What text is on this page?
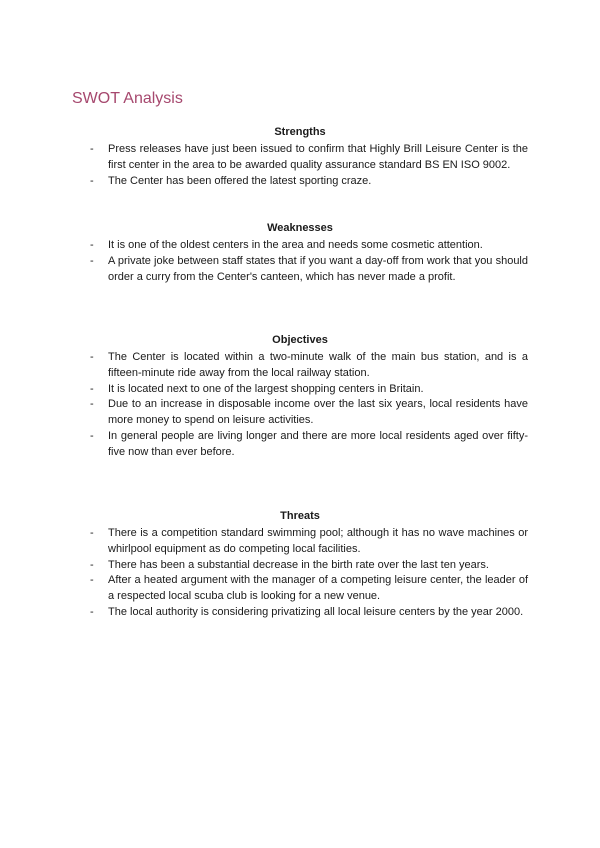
SWOT Analysis
Strengths
- Press releases have just been issued to confirm that Highly Brill Leisure Center is the first center in the area to be awarded quality assurance standard BS EN ISO 9002.
- The Center has been offered the latest sporting craze.
Weaknesses
- It is one of the oldest centers in the area and needs some cosmetic attention.
- A private joke between staff states that if you want a day-off from work that you should order a curry from the Center's canteen, which has never made a profit.
Objectives
- The Center is located within a two-minute walk of the main bus station, and is a fifteen-minute ride away from the local railway station.
- It is located next to one of the largest shopping centers in Britain.
- Due to an increase in disposable income over the last six years, local residents have more money to spend on leisure activities.
- In general people are living longer and there are more local residents aged over fifty-five now than ever before.
Threats
- There is a competition standard swimming pool; although it has no wave machines or whirlpool equipment as do competing local facilities.
- There has been a substantial decrease in the birth rate over the last ten years.
- After a heated argument with the manager of a competing leisure center, the leader of a respected local scuba club is looking for a new venue.
- The local authority is considering privatizing all local leisure centers by the year 2000.
